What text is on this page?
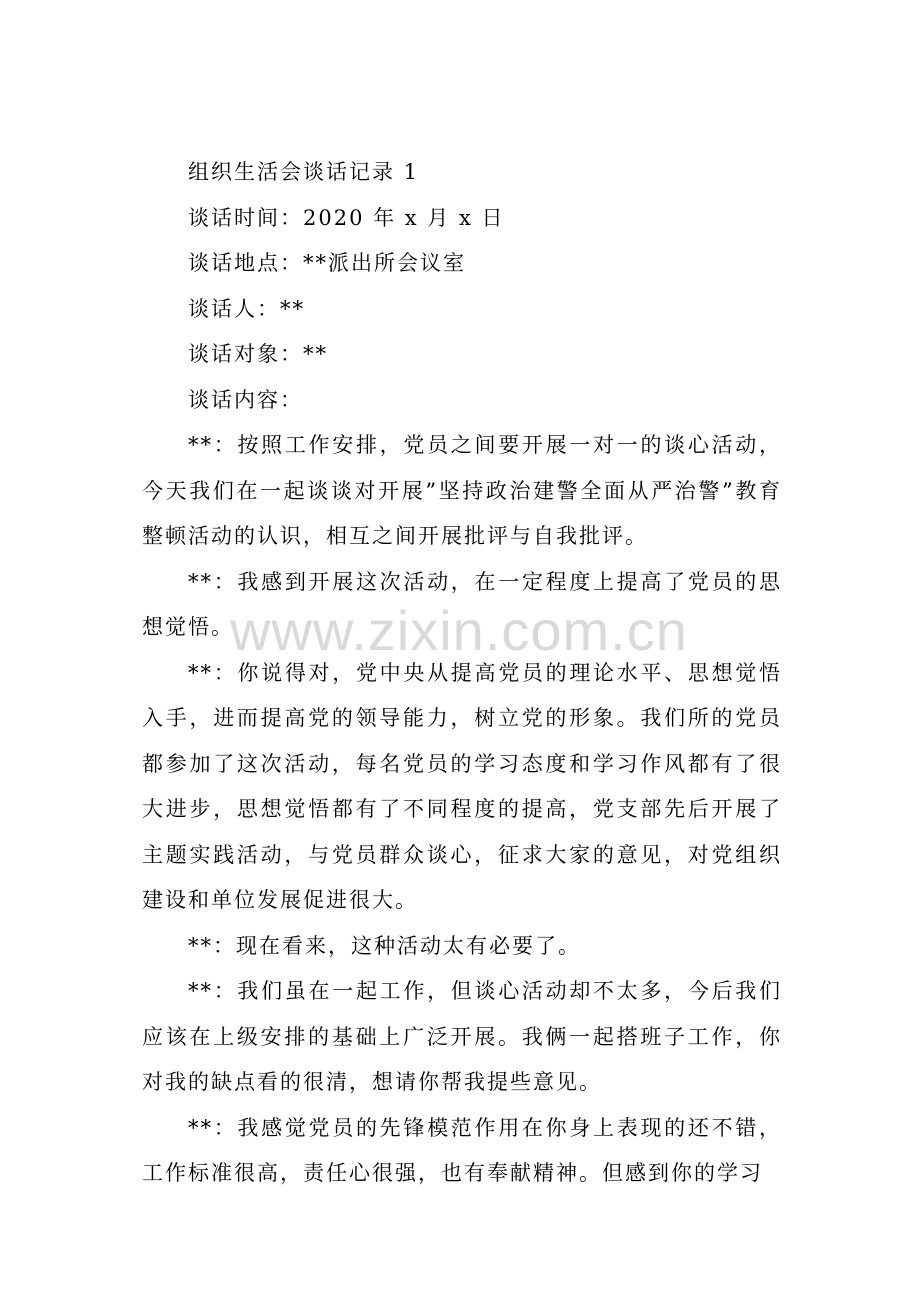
www.zixin.com.cn
组织生活会谈话记录 1
谈话时间：2020 年 x 月 x 日
谈话地点：**派出所会议室
谈话人：**
谈话对象：**
谈话内容：
**：按照工作安排，党员之间要开展一对一的谈心活动，今天我们在一起谈谈对开展”坚持政治建警全面从严治警”教育整顿活动的认识，相互之间开展批评与自我批评。
**：我感到开展这次活动，在一定程度上提高了党员的思想觉悟。
**：你说得对，党中央从提高党员的理论水平、思想觉悟入手，进而提高党的领导能力，树立党的形象。我们所的党员都参加了这次活动，每名党员的学习态度和学习作风都有了很大进步，思想觉悟都有了不同程度的提高，党支部先后开展了主题实践活动，与党员群众谈心，征求大家的意见，对党组织建设和单位发展促进很大。
**：现在看来，这种活动太有必要了。
**：我们虽在一起工作，但谈心活动却不太多，今后我们应该在上级安排的基础上广泛开展。我俩一起搭班子工作，你对我的缺点看的很清，想请你帮我提些意见。
**：我感觉党员的先锋模范作用在你身上表现的还不错，工作标准很高，责任心很强，也有奉献精神。但感到你的学习
